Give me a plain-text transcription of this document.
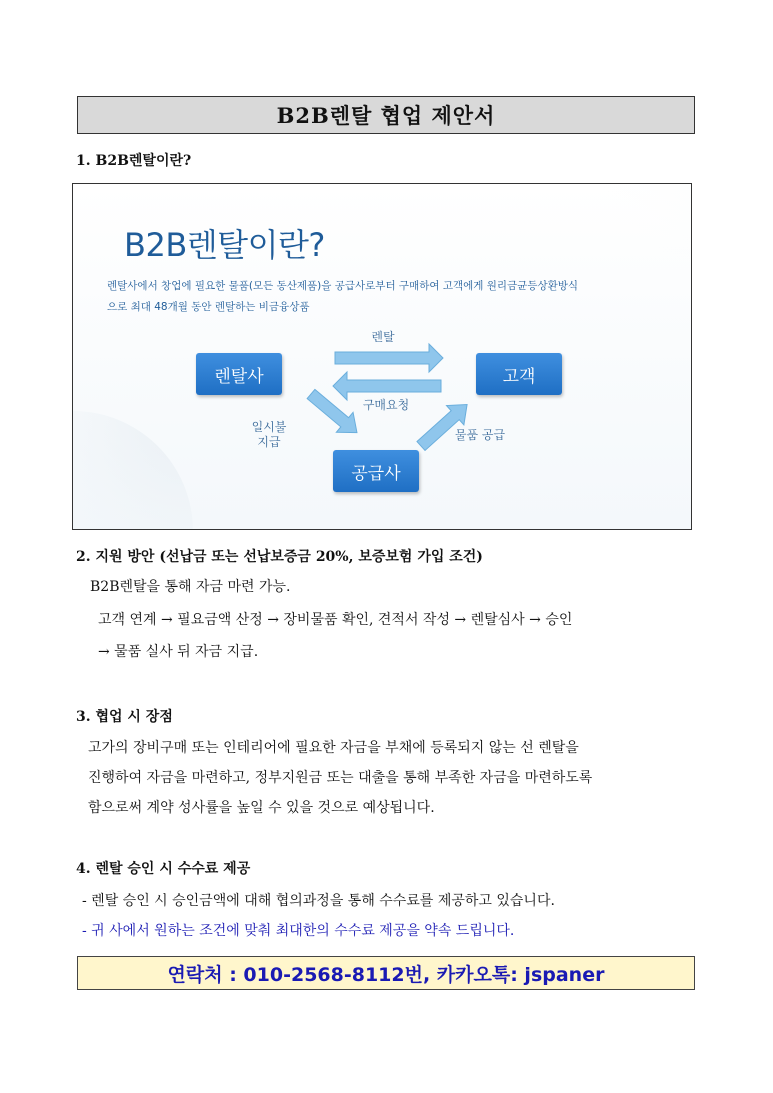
B2B렌탈 협업 제안서
1. B2B렌탈이란?
B2B렌탈이란?
렌탈사에서 창업에 필요한 물품(모든 동산제품)을 공급사로부터 구매하여 고객에게 원리금균등상환방식
으로 최대 48개월 동안 렌탈하는 비금융상품
렌탈사	고객
공급사
렌탈
구매요청
일시불
지급	물품 공급
2. 지원 방안 (선납금 또는 선납보증금 20%, 보증보험 가입 조건)
B2B렌탈을 통해 자금 마련 가능.
고객 연계 → 필요금액 산정 → 장비물품 확인, 견적서 작성 → 렌탈심사 → 승인
→ 물품 실사 뒤 자금 지급.
3. 협업 시 장점
고가의 장비구매 또는 인테리어에 필요한 자금을 부채에 등록되지 않는 선 렌탈을
진행하여 자금을 마련하고, 정부지원금 또는 대출을 통해 부족한 자금을 마련하도록
함으로써 계약 성사률을 높일 수 있을 것으로 예상됩니다.
4. 렌탈 승인 시 수수료 제공
- 렌탈 승인 시 승인금액에 대해 협의과정을 통해 수수료를 제공하고 있습니다.
- 귀 사에서 원하는 조건에 맞춰 최대한의 수수료 제공을 약속 드립니다.
연락처 : 010-2568-8112번, 카카오톡: jspaner
